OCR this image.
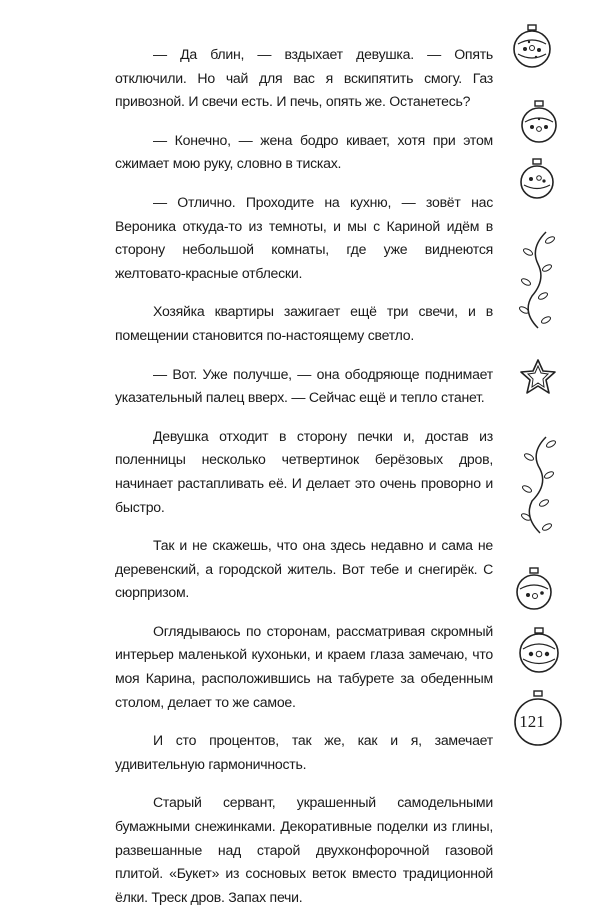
— Да блин, — вздыхает девушка. — Опять отключили. Но чай для вас я вскипятить смогу. Газ привозной. И свечи есть. И печь, опять же. Останетесь?

— Конечно, — жена бодро кивает, хотя при этом сжимает мою руку, словно в тисках.

— Отлично. Проходите на кухню, — зовёт нас Вероника откуда-то из темноты, и мы с Кариной идём в сторону небольшой комнаты, где уже виднеются желтовато-красные отблески.

Хозяйка квартиры зажигает ещё три свечи, и в помещении становится по-настоящему светло.

— Вот. Уже получше, — она ободряюще поднимает указательный палец вверх. — Сейчас ещё и тепло станет.

Девушка отходит в сторону печки и, достав из поленницы несколько четвертинок берёзовых дров, начинает растапливать её. И делает это очень проворно и быстро.

Так и не скажешь, что она здесь недавно и сама не деревенский, а городской житель. Вот тебе и снегирёк. С сюрпризом.

Оглядываюсь по сторонам, рассматривая скромный интерьер маленькой кухоньки, и краем глаза замечаю, что моя Карина, расположившись на табурете за обеденным столом, делает то же самое.

И сто процентов, так же, как и я, замечает удивительную гармоничность.

Старый сервант, украшенный самодельными бумажными снежинками. Декоративные поделки из глины, развешанные над старой двухконфорочной газовой плитой. «Букет» из сосновых веток вместо традиционной ёлки. Треск дров. Запах печи.

121
